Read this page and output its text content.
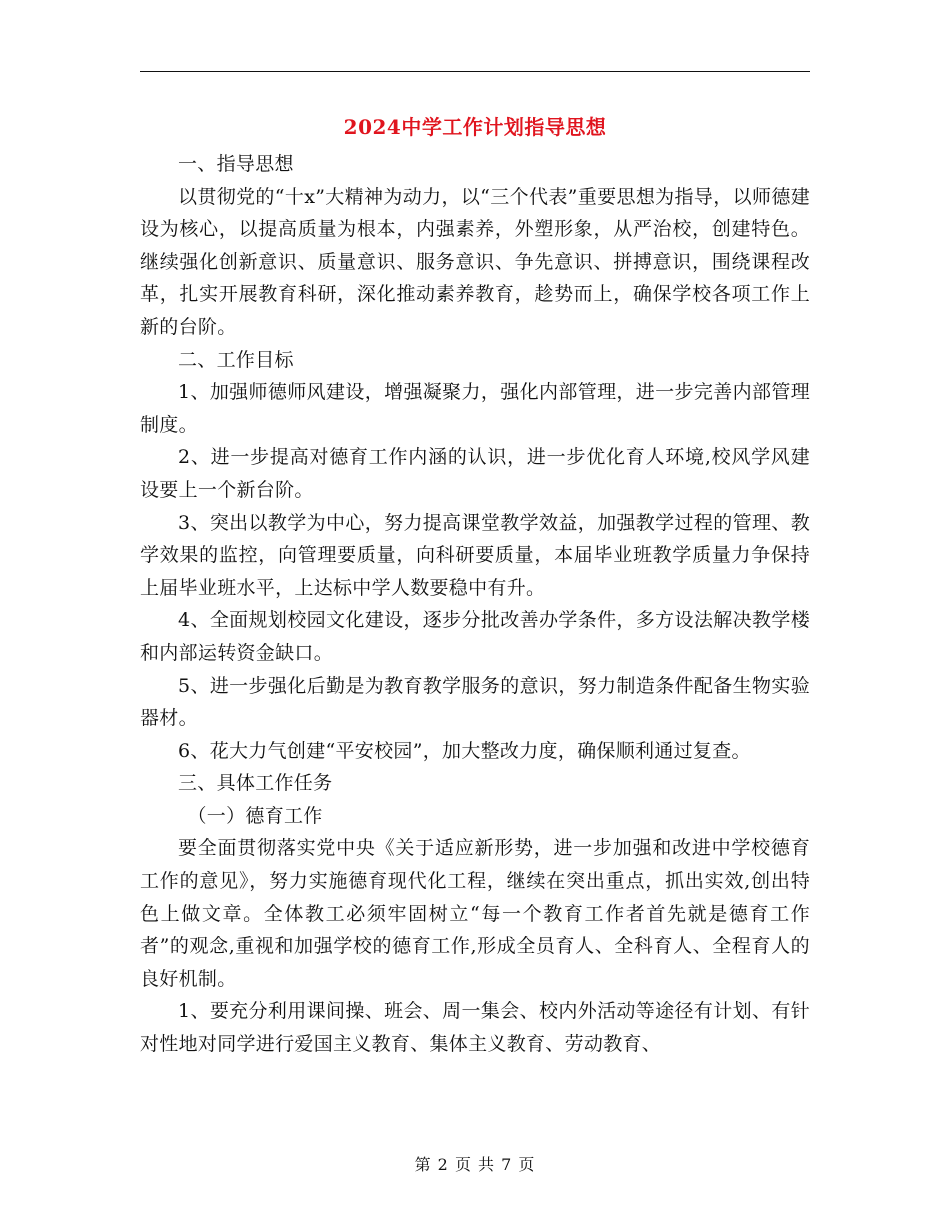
2024中学工作计划指导思想

一、指导思想

以贯彻党的“十x”大精神为动力，以“三个代表”重要思想为指导，以师德建设为核心，以提高质量为根本，内强素养，外塑形象，从严治校，创建特色。继续强化创新意识、质量意识、服务意识、争先意识、拼搏意识，围绕课程改革，扎实开展教育科研，深化推动素养教育，趁势而上，确保学校各项工作上新的台阶。

二、工作目标

1、加强师德师风建设，增强凝聚力，强化内部管理，进一步完善内部管理制度。

2、进一步提高对德育工作内涵的认识，进一步优化育人环境,校风学风建设要上一个新台阶。

3、突出以教学为中心，努力提高课堂教学效益，加强教学过程的管理、教学效果的监控，向管理要质量，向科研要质量，本届毕业班教学质量力争保持上届毕业班水平，上达标中学人数要稳中有升。

4、全面规划校园文化建设，逐步分批改善办学条件，多方设法解决教学楼和内部运转资金缺口。

5、进一步强化后勤是为教育教学服务的意识，努力制造条件配备生物实验器材。

6、花大力气创建“平安校园”，加大整改力度，确保顺利通过复查。

三、具体工作任务

（一）德育工作

要全面贯彻落实党中央《关于适应新形势，进一步加强和改进中学校德育工作的意见》，努力实施德育现代化工程，继续在突出重点，抓出实效,创出特色上做文章。全体教工必须牢固树立“每一个教育工作者首先就是德育工作者”的观念,重视和加强学校的德育工作,形成全员育人、全科育人、全程育人的良好机制。

1、要充分利用课间操、班会、周一集会、校内外活动等途径有计划、有针对性地对同学进行爱国主义教育、集体主义教育、劳动教育、

第 2 页 共 7 页
